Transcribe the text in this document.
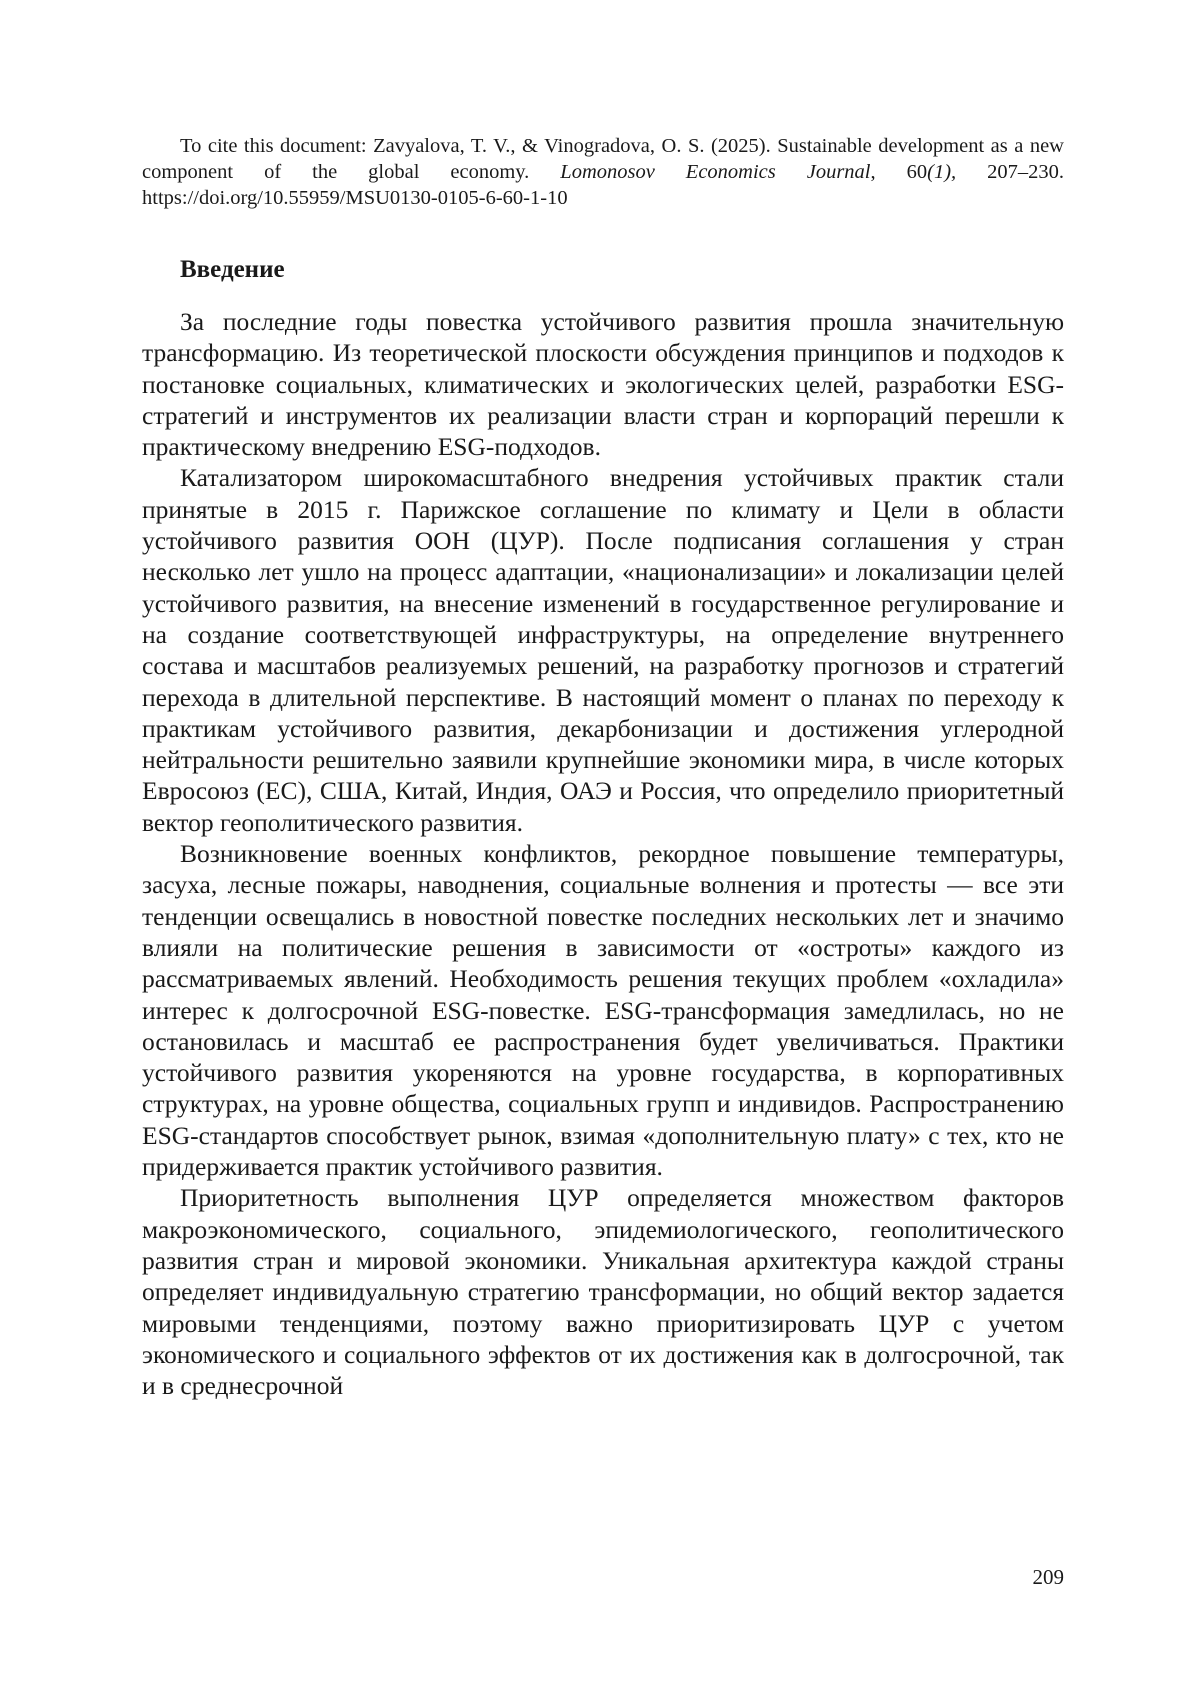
To cite this document: Zavyalova, T. V., & Vinogradova, O. S. (2025). Sustainable development as a new component of the global economy. Lomonosov Economics Journal, 60(1), 207–230. https://doi.org/10.55959/MSU0130-0105-6-60-1-10

Введение

За последние годы повестка устойчивого развития прошла значительную трансформацию. Из теоретической плоскости обсуждения принципов и подходов к постановке социальных, климатических и экологических целей, разработки ESG-стратегий и инструментов их реализации власти стран и корпораций перешли к практическому внедрению ESG-подходов.

Катализатором широкомасштабного внедрения устойчивых практик стали принятые в 2015 г. Парижское соглашение по климату и Цели в области устойчивого развития ООН (ЦУР). После подписания соглашения у стран несколько лет ушло на процесс адаптации, «национализации» и локализации целей устойчивого развития, на внесение изменений в государственное регулирование и на создание соответствующей инфраструктуры, на определение внутреннего состава и масштабов реализуемых решений, на разработку прогнозов и стратегий перехода в длительной перспективе. В настоящий момент о планах по переходу к практикам устойчивого развития, декарбонизации и достижения углеродной нейтральности решительно заявили крупнейшие экономики мира, в числе которых Евросоюз (ЕС), США, Китай, Индия, ОАЭ и Россия, что определило приоритетный вектор геополитического развития.

Возникновение военных конфликтов, рекордное повышение температуры, засуха, лесные пожары, наводнения, социальные волнения и протесты — все эти тенденции освещались в новостной повестке последних нескольких лет и значимо влияли на политические решения в зависимости от «остроты» каждого из рассматриваемых явлений. Необходимость решения текущих проблем «охладила» интерес к долгосрочной ESG-повестке. ESG-трансформация замедлилась, но не остановилась и масштаб ее распространения будет увеличиваться. Практики устойчивого развития укореняются на уровне государства, в корпоративных структурах, на уровне общества, социальных групп и индивидов. Распространению ESG-стандартов способствует рынок, взимая «дополнительную плату» с тех, кто не придерживается практик устойчивого развития.

Приоритетность выполнения ЦУР определяется множеством факторов макроэкономического, социального, эпидемиологического, геополитического развития стран и мировой экономики. Уникальная архитектура каждой страны определяет индивидуальную стратегию трансформации, но общий вектор задается мировыми тенденциями, поэтому важно приоритизировать ЦУР с учетом экономического и социального эффектов от их достижения как в долгосрочной, так и в среднесрочной

209
